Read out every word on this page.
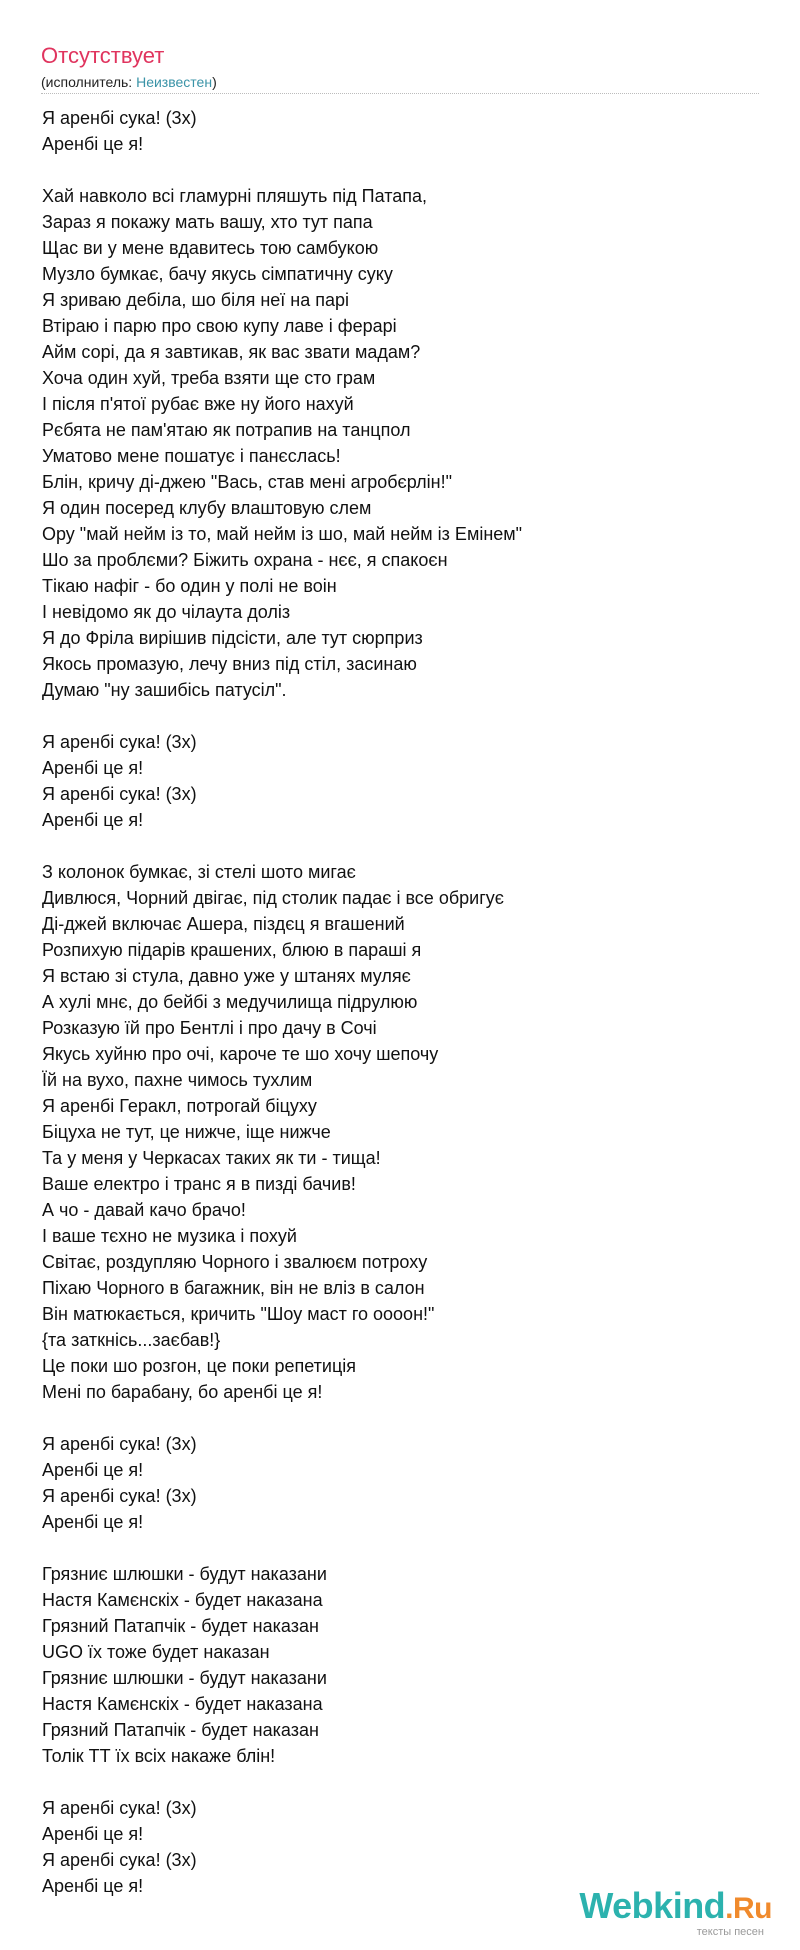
Отсутствует
(исполнитель: Неизвестен)
Я аренбі сука! (3х)
Аренбі це я!
Хай навколо всі гламурні пляшуть під Патапа,
Зараз я покажу мать вашу, хто тут папа
Щас ви у мене вдавитесь тою самбукою
Музло бумкає, бачу якусь сімпатичну суку
Я зриваю дебіла, шо біля неї на парі
Втіраю і парю про свою купу лаве і ферарі
Айм сорі, да я завтикав, як вас звати мадам?
Хоча один хуй, треба взяти ще сто грам
І після п'ятої рубає вже ну його нахуй
Рєбята не пам'ятаю як потрапив на танцпол
Уматово мене пошатує і панєслась!
Блін, кричу ді-джею "Вась, став мені агробєрлін!"
Я один посеред клубу влаштовую слем
Ору "май нейм із то, май нейм із шо, май нейм із Емінем"
Шо за проблєми? Біжить охрана - нєє, я спакоєн
Тікаю нафіг - бо один у полі не воін
І невідомо як до чілаута доліз
Я до Фріла вирішив підсісти, але тут сюрприз
Якось промазую, лечу вниз під стіл, засинаю
Думаю "ну зашибісь патусіл".
Я аренбі сука! (3х)
Аренбі це я!
Я аренбі сука! (3х)
Аренбі це я!
З колонок бумкає, зі стелі шото мигає
Дивлюся, Чорний двігає, під столик падає і все обригує
Ді-джей включає Ашера, піздєц я вгашений
Розпихую підарів крашених, блюю в параші я
Я встаю зі стула, давно уже у штанях муляє
А хулі мнє, до бейбі з медучилища підрулюю
Розказую їй про Бентлі і про дачу в Сочі
Якусь хуйню про очі, кароче те шо хочу шепочу
Їй на вухо, пахне чимось тухлим
Я аренбі Геракл, потрогай біцуху
Біцуха не тут, це нижче, іще нижче
Та у меня у Черкасах таких як ти - тища!
Ваше електро і транс я в пизді бачив!
А чо - давай качо брачо!
І ваше тєхно не музика і похуй
Світає, роздупляю Чорного і звалюєм потроху
Піхаю Чорного в багажник, він не вліз в салон
Він матюкається, кричить "Шоу маст го оооон!"
{та заткнісь...заєбав!}
Це поки шо розгон, це поки репетиція
Мені по барабану, бо аренбі це я!
Я аренбі сука! (3х)
Аренбі це я!
Я аренбі сука! (3х)
Аренбі це я!
Грязниє шлюшки - будут наказани
Настя Камєнскіх - будет наказана
Грязний Патапчік - будет наказан
UGO їх тоже будет наказан
Грязниє шлюшки - будут наказани
Настя Камєнскіх - будет наказана
Грязний Патапчік - будет наказан
Толік ТТ їх всіх накаже блін!
Я аренбі сука! (3х)
Аренбі це я!
Я аренбі сука! (3х)
Аренбі це я!	Webkind .Ru
тексты песен
